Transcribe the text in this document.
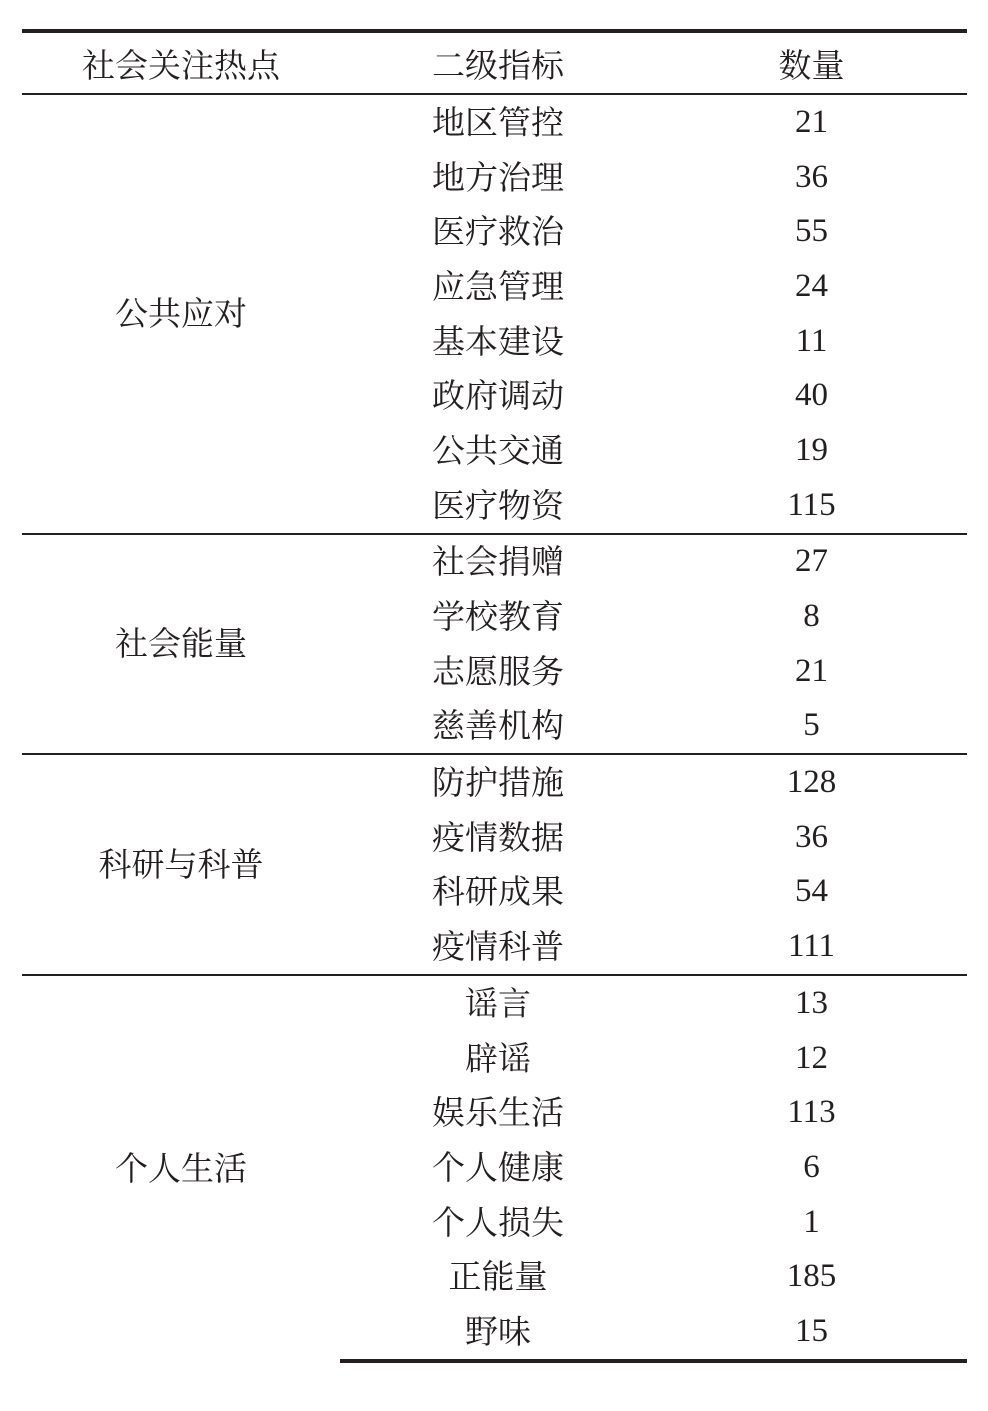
社会关注热点	二级指标	数量
公共应对	地区管控	21
	地方治理	36
	医疗救治	55
	应急管理	24
	基本建设	11
	政府调动	40
	公共交通	19
	医疗物资	115
社会能量	社会捐赠	27
	学校教育	8
	志愿服务	21
	慈善机构	5
科研与科普	防护措施	128
	疫情数据	36
	科研成果	54
	疫情科普	111
个人生活	谣言	13
	辟谣	12
	娱乐生活	113
	个人健康	6
	个人损失	1
	正能量	185
	野味	15
